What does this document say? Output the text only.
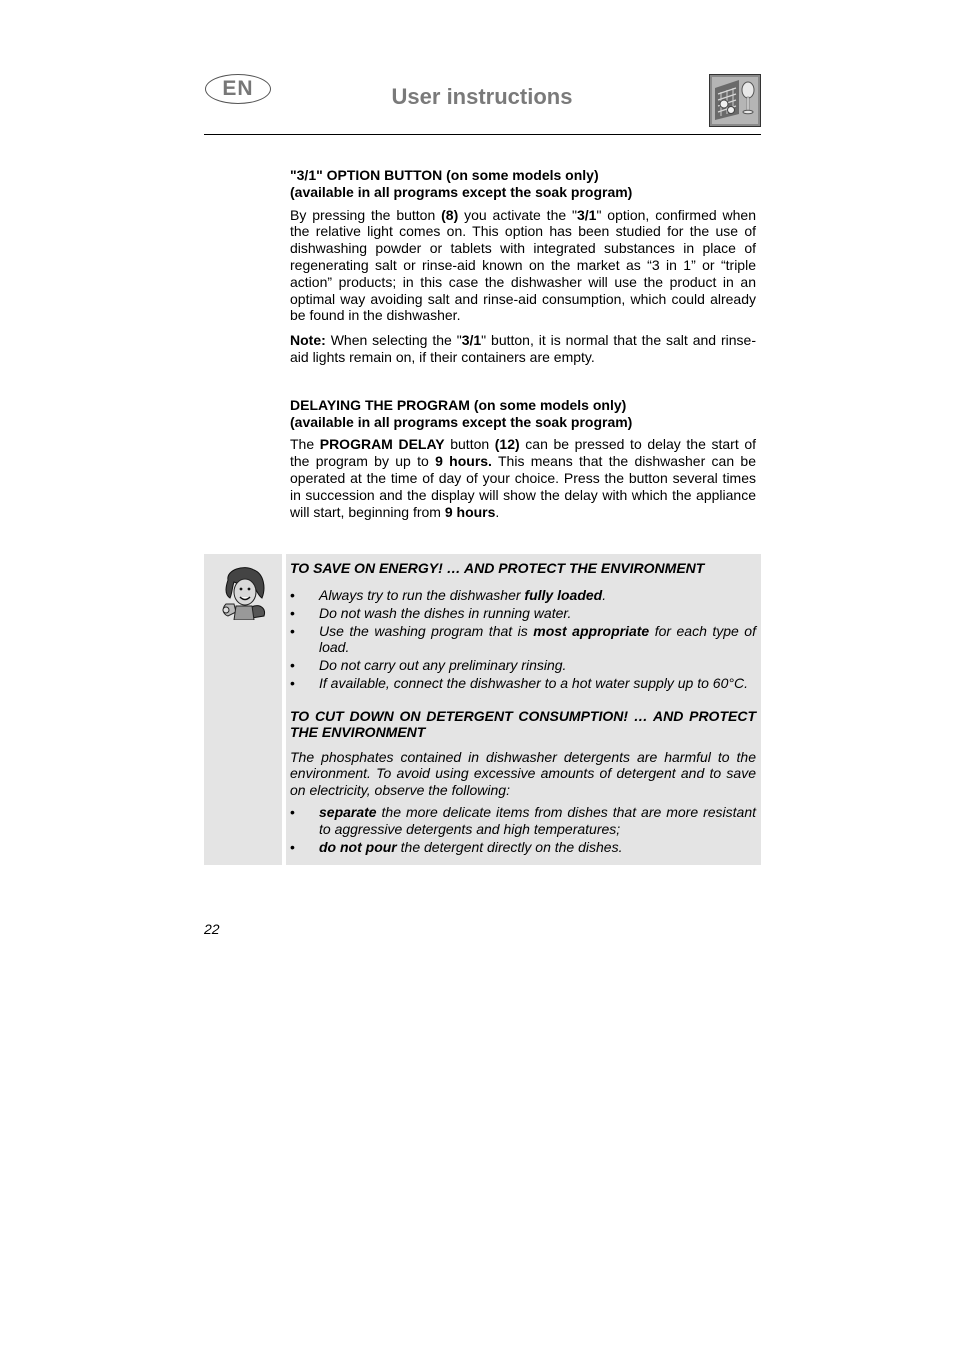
EN	User instructions

"3/1" OPTION BUTTON (on some models only)
(available in all programs except the soak program)

By pressing the button (8) you activate the "3/1" option, confirmed when the relative light comes on. This option has been studied for the use of dishwashing powder or tablets with integrated substances in place of regenerating salt or rinse-aid known on the market as “3 in 1” or “triple action” products; in this case the dishwasher will use the product in an optimal way avoiding salt and rinse-aid consumption, which could already be found in the dishwasher.

Note: When selecting the "3/1" button, it is normal that the salt and rinse-aid lights remain on, if their containers are empty.

DELAYING THE PROGRAM (on some models only)
(available in all programs except the soak program)

The PROGRAM DELAY button (12) can be pressed to delay the start of the program by up to 9 hours. This means that the dishwasher can be operated at the time of day of your choice. Press the button several times in succession and the display will show the delay with which the appliance will start, beginning from 9 hours.

TO SAVE ON ENERGY! … AND PROTECT THE ENVIRONMENT

• Always try to run the dishwasher fully loaded.
• Do not wash the dishes in running water.
• Use the washing program that is most appropriate for each type of load.
• Do not carry out any preliminary rinsing.
• If available, connect the dishwasher to a hot water supply up to 60°C.

TO CUT DOWN ON DETERGENT CONSUMPTION! … AND PROTECT THE ENVIRONMENT

The phosphates contained in dishwasher detergents are harmful to the environment. To avoid using excessive amounts of detergent and to save on electricity, observe the following:

• separate the more delicate items from dishes that are more resistant to aggressive detergents and high temperatures;
• do not pour the detergent directly on the dishes.
22
